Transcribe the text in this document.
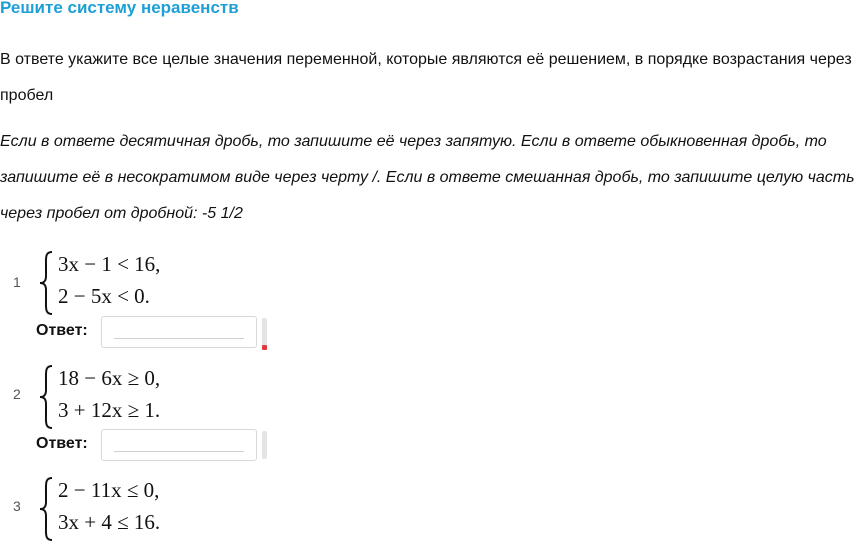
Решите систему неравенств
В ответе укажите все целые значения переменной, которые являются её решением, в порядке возрастания через пробел
Если в ответе десятичная дробь, то запишите её через запятую. Если в ответе обыкновенная дробь, то запишите её в несократимом виде через черту /. Если в ответе смешанная дробь, то запишите целую часть через пробел от дробной: -5 1/2
1
3x − 1 < 16,
2 − 5x < 0.
Ответ:
2
18 − 6x ≥ 0,
3 + 12x ≥ 1.
Ответ:
3
2 − 11x ≤ 0,
3x + 4 ≤ 16.
